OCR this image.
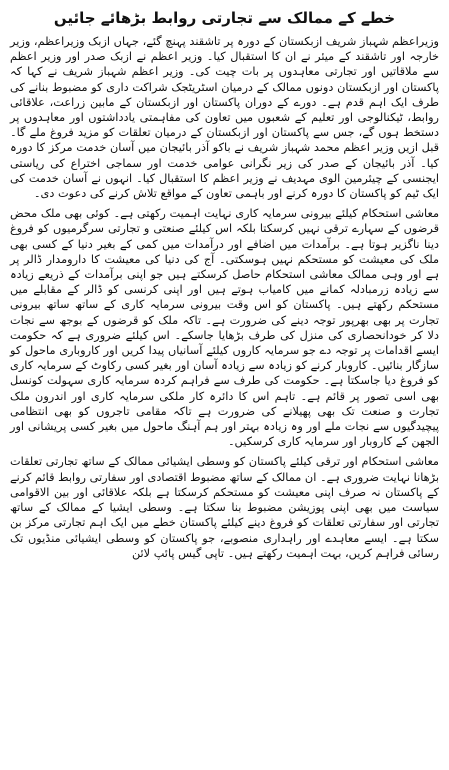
خطے کے ممالک سے تجارتی روابط بڑھائے جائیں

وزیراعظم شہباز شریف ازبکستان کے دورہ پر تاشقند پہنچ گئے، جہاں ازبک وزیراعظم، وزیر خارجہ اور تاشقند کے میئر نے ان کا استقبال کیا۔ وزیر اعظم نے ازبک صدر اور وزیر اعظم سے ملاقاتیں اور تجارتی معاہدوں پر بات چیت کی۔ وزیر اعظم شہباز شریف نے کہا کہ پاکستان اور ازبکستان دونوں ممالک کے درمیان اسٹریٹجک شراکت داری کو مضبوط بنانے کی طرف ایک اہم قدم ہے۔ دورے کے دوران پاکستان اور ازبکستان کے مابین زراعت، علاقائی روابط، ٹیکنالوجی اور تعلیم کے شعبوں میں تعاون کی مفاہمتی یادداشتوں اور معاہدوں پر دستخط ہوں گے، جس سے پاکستان اور ازبکستان کے درمیان تعلقات کو مزید فروغ ملے گا۔ قبل ازیں وزیر اعظم محمد شہباز شریف نے باکو آذر بائیجان میں آسان خدمت مرکز کا دورہ کیا۔ آذر بائیجان کے صدر کی زیر نگرانی عوامی خدمت اور سماجی اختراع کی ریاستی ایجنسی کے چیئرمین الوی مہدیف نے وزیر اعظم کا استقبال کیا۔ انہوں نے آسان خدمت کی ایک ٹیم کو پاکستان کا دورہ کرنے اور باہمی تعاون کے مواقع تلاش کرنے کی دعوت دی۔

معاشی استحکام کیلئے بیرونی سرمایہ کاری نہایت اہمیت رکھتی ہے۔ کوئی بھی ملک محض قرضوں کے سہارے ترقی نہیں کرسکتا بلکہ اس کیلئے صنعتی و تجارتی سرگرمیوں کو فروغ دینا ناگزیر ہوتا ہے۔ برآمدات میں اضافے اور درآمدات میں کمی کے بغیر دنیا کے کسی بھی ملک کی معیشت کو مستحکم نہیں ہوسکتی۔ آج کی دنیا کی معیشت کا دارومدار ڈالر پر ہے اور وہی ممالک معاشی استحکام حاصل کرسکتے ہیں جو اپنی برآمدات کے ذریعے زیادہ سے زیادہ زرمبادلہ کمانے میں کامیاب ہوتے ہیں اور اپنی کرنسی کو ڈالر کے مقابلے میں مستحکم رکھتے ہیں۔ پاکستان کو اس وقت بیرونی سرمایہ کاری کے ساتھ ساتھ بیرونی تجارت پر بھی بھرپور توجہ دینے کی ضرورت ہے۔ تاکہ ملک کو قرضوں کے بوجھ سے نجات دلا کر خودانحصاری کی منزل کی طرف بڑھایا جاسکے۔ اس کیلئے ضروری ہے کہ حکومت ایسے اقدامات پر توجہ دے جو سرمایہ کاروں کیلئے آسانیاں پیدا کریں اور کاروباری ماحول کو سازگار بنائیں۔ کاروبار کرنے کو زیادہ سے زیادہ آسان اور بغیر کسی رکاوٹ کے سرمایہ کاری کو فروغ دیا جاسکتا ہے۔ حکومت کی طرف سے فراہم کردہ سرمایہ کاری سہولت کونسل بھی اسی تصور پر قائم ہے۔ تاہم اس کا دائرہ کار ملکی سرمایہ کاری اور اندرون ملک تجارت و صنعت تک بھی پھیلانے کی ضرورت ہے تاکہ مقامی تاجروں کو بھی انتظامی پیچیدگیوں سے نجات ملے اور وہ زیادہ بہتر اور ہم آہنگ ماحول میں بغیر کسی پریشانی اور الجھن کے کاروبار اور سرمایہ کاری کرسکیں۔

معاشی استحکام اور ترقی کیلئے پاکستان کو وسطی ایشیائی ممالک کے ساتھ تجارتی تعلقات بڑھانا نہایت ضروری ہے۔ ان ممالک کے ساتھ مضبوط اقتصادی اور سفارتی روابط قائم کرنے کے پاکستان نہ صرف اپنی معیشت کو مستحکم کرسکتا ہے بلکہ علاقائی اور بین الاقوامی سیاست میں بھی اپنی پوزیشن مضبوط بنا سکتا ہے۔ وسطی ایشیا کے ممالک کے ساتھ تجارتی اور سفارتی تعلقات کو فروغ دینے کیلئے پاکستان خطے میں ایک اہم تجارتی مرکز بن سکتا ہے۔ ایسے معاہدے اور راہداری منصوبے، جو پاکستان کو وسطی ایشیائی منڈیوں تک رسائی فراہم کریں، بہت اہمیت رکھتے ہیں۔ تاپی گیس پائپ لائن
